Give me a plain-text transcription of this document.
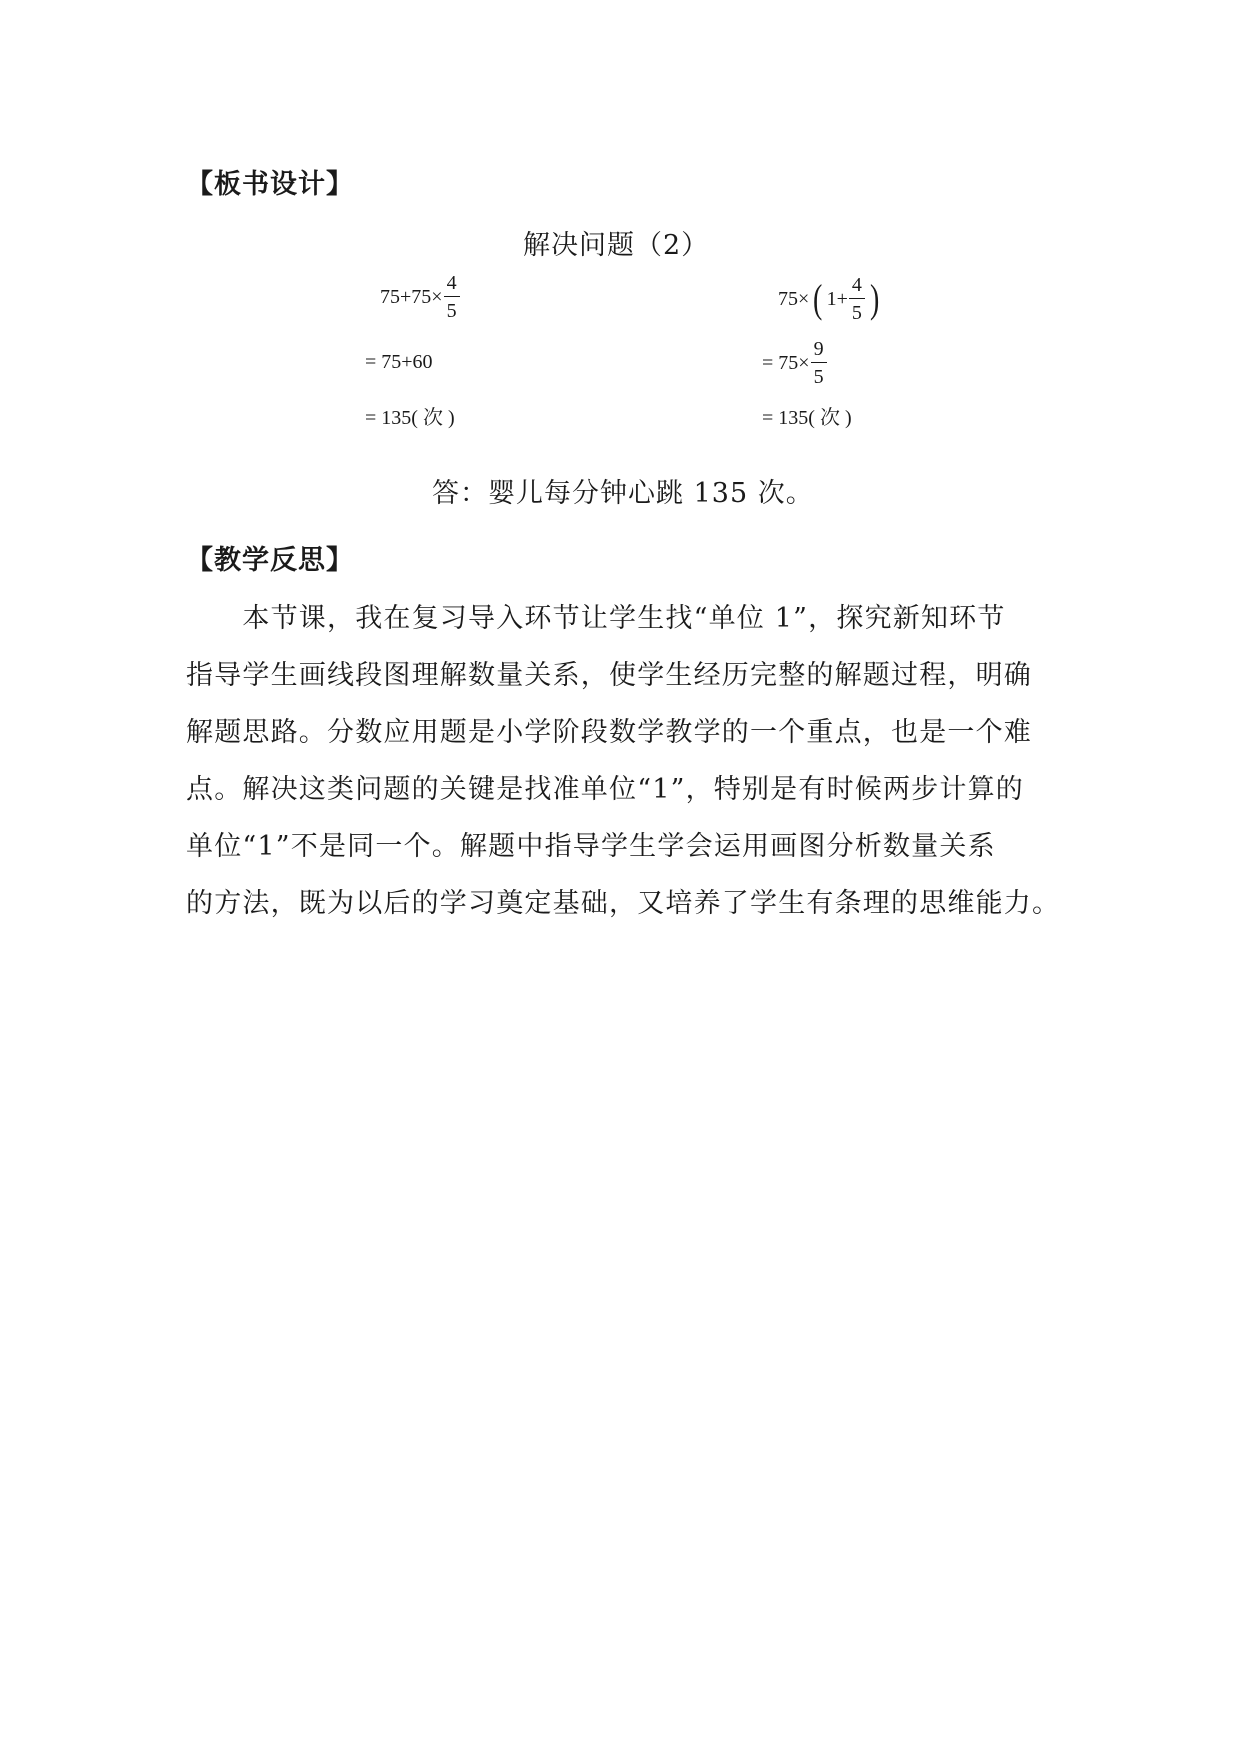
【板书设计】
解决问题（2）
$75+75\times \frac{4}{5}$
= 75+60
= 135( 次 )
75× ( $1+ \frac{4}{5}$ )
= $75\times \frac{9}{5}$
= 135( 次 )
答：婴儿每分钟心跳 135 次。
【教学反思】
　　本节课，我在复习导入环节让学生找“单位 1”，探究新知环节
指导学生画线段图理解数量关系，使学生经历完整的解题过程，明确
解题思路。分数应用题是小学阶段数学教学的一个重点，也是一个难
点。解决这类问题的关键是找准单位“1”，特别是有时候两步计算的
单位“1”不是同一个。解题中指导学生学会运用画图分析数量关系
的方法，既为以后的学习奠定基础，又培养了学生有条理的思维能力。
